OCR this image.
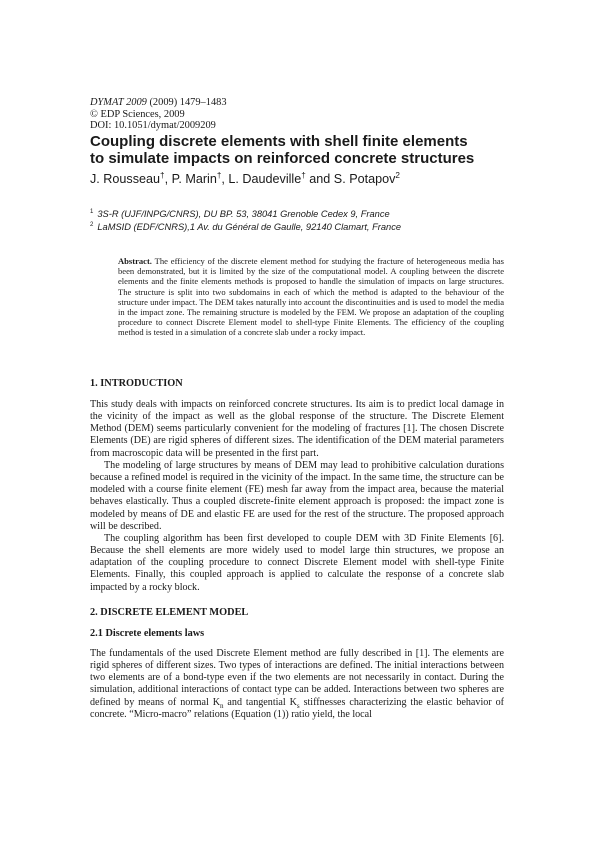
DYMAT 2009 (2009) 1479–1483
© EDP Sciences, 2009
DOI: 10.1051/dymat/2009209
Coupling discrete elements with shell finite elements
to simulate impacts on reinforced concrete structures
J. Rousseau†, P. Marin†, L. Daudeville† and S. Potapov$^2$
$^1$ 3S-R (UJF/INPG/CNRS), DU BP. 53, 38041 Grenoble Cedex 9, France
$^2$ LaMSID (EDF/CNRS),1 Av. du Général de Gaulle, 92140 Clamart, France

Abstract. The efficiency of the discrete element method for studying the fracture of heterogeneous media has been demonstrated, but it is limited by the size of the computational model. A coupling between the discrete elements and the finite elements methods is proposed to handle the simulation of impacts on large structures. The structure is split into two subdomains in each of which the method is adapted to the behaviour of the structure under impact. The DEM takes naturally into account the discontinuities and is used to model the media in the impact zone. The remaining structure is modeled by the FEM. We propose an adaptation of the coupling procedure to connect Discrete Element model to shell-type Finite Elements. The efficiency of the coupling method is tested in a simulation of a concrete slab under a rocky impact.

1. INTRODUCTION

This study deals with impacts on reinforced concrete structures. Its aim is to predict local damage in the vicinity of the impact as well as the global response of the structure. The Discrete Element Method (DEM) seems particularly convenient for the modeling of fractures [1]. The chosen Discrete Elements (DE) are rigid spheres of different sizes. The identification of the DEM material parameters from macroscopic data will be presented in the first part.

The modeling of large structures by means of DEM may lead to prohibitive calculation durations because a refined model is required in the vicinity of the impact. In the same time, the structure can be modeled with a course finite element (FE) mesh far away from the impact area, because the material behaves elastically. Thus a coupled discrete-finite element approach is proposed: the impact zone is modeled by means of DE and elastic FE are used for the rest of the structure. The proposed approach will be described.

The coupling algorithm has been first developed to couple DEM with 3D Finite Elements [6]. Because the shell elements are more widely used to model large thin structures, we propose an adaptation of the coupling procedure to connect Discrete Element model with shell-type Finite Elements. Finally, this coupled approach is applied to calculate the response of a concrete slab impacted by a rocky block.

2. DISCRETE ELEMENT MODEL
2.1 Discrete elements laws

The fundamentals of the used Discrete Element method are fully described in [1]. The elements are rigid spheres of different sizes. Two types of interactions are defined. The initial interactions between two elements are of a bond-type even if the two elements are not necessarily in contact. During the simulation, additional interactions of contact type can be added. Interactions between two spheres are defined by means of normal $K_n$ and tangential $K_s$ stiffnesses characterizing the elastic behavior of concrete. “Micro-macro” relations (Equation (1)) ratio yield, the local
